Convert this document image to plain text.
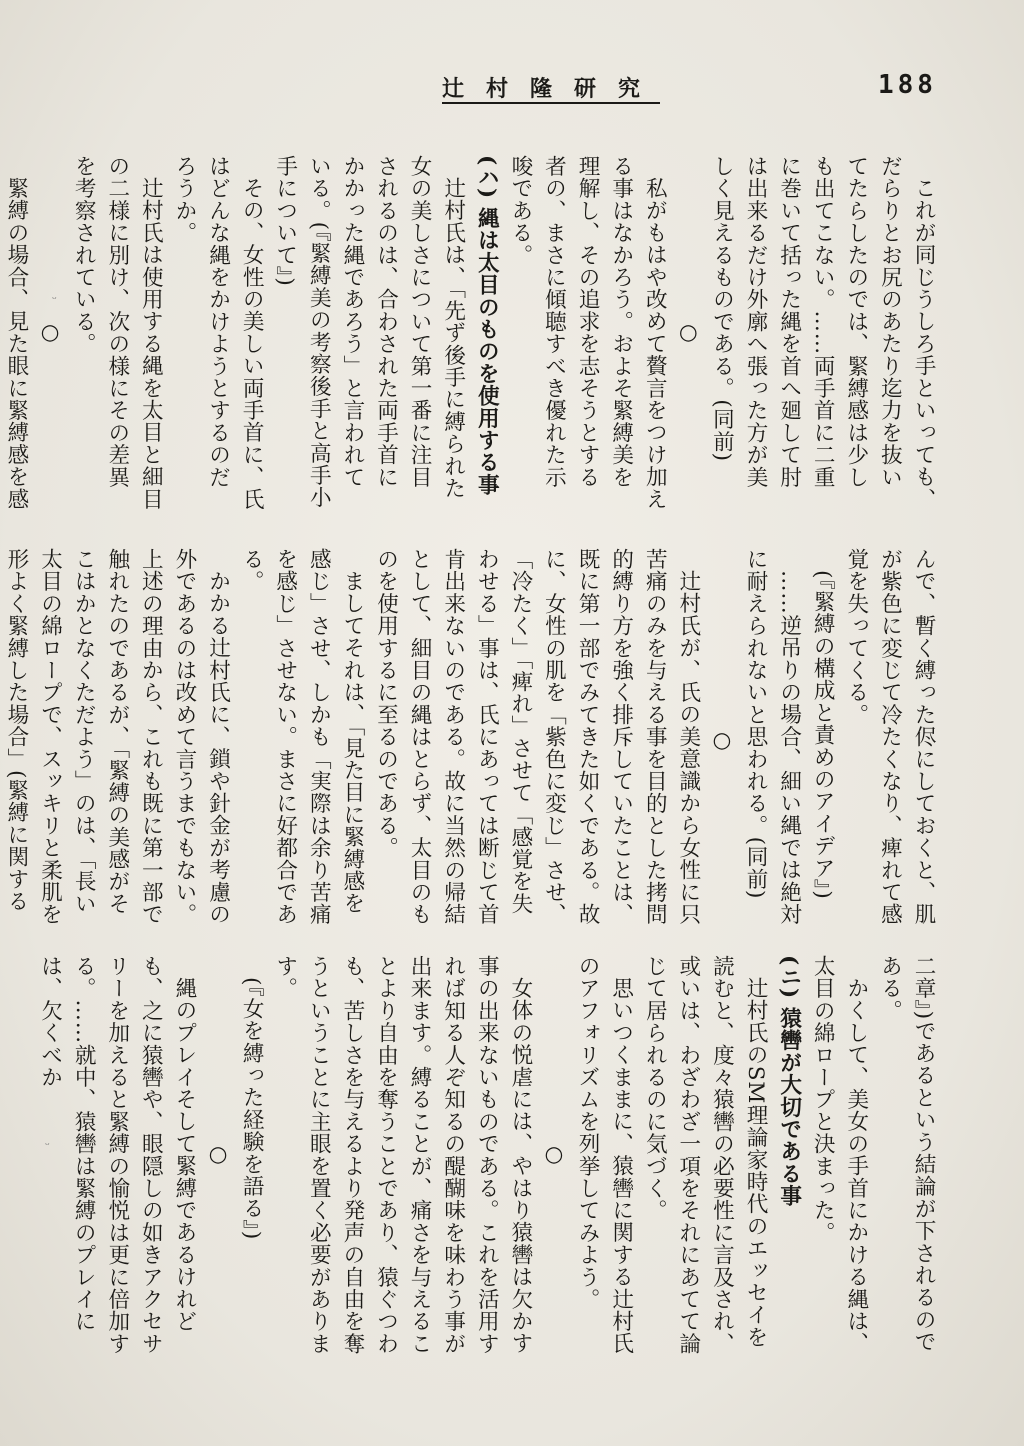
辻村隆研究	188

これが同じうしろ手といっても、だらりとお尻のあたり迄力を抜いてたらしたのでは、緊縛感は少しも出てこない。……両手首に二重に巻いて括った縄を首へ廻して肘は出来るだけ外廓へ張った方が美しく見えるものである。(同前)

○

私がもはや改めて贅言をつけ加える事はなかろう。およそ緊縛美を理解し、その追求を志そうとする者の、まさに傾聴すべき優れた示唆である。

(ハ) 縄は太目のものを使用する事

辻村氏は、「先ず後手に縛られた女の美しさについて第一番に注目されるのは、合わされた両手首にかかった縄であろう」と言われている。(『緊縛美の考察後手と高手小手について』)

その、女性の美しい両手首に、氏はどんな縄をかけようとするのだろうか。

辻村氏は使用する縄を太目と細目の二様に別け、次の様にその差異を考察されている。

○

緊縛の場合、見た眼に緊縛感を感

んで、暫く縛った侭にしておくと、肌が紫色に変じて冷たくなり、痺れて感覚を失ってくる。

(『緊縛の構成と責めのアイデア』)

……逆吊りの場合、細い縄では絶対に耐えられないと思われる。(同前)

○

辻村氏が、氏の美意識から女性に只苦痛のみを与える事を目的とした拷問的縛り方を強く排斥していたことは、既に第一部でみてきた如くである。故に、女性の肌を「紫色に変じ」させ、「冷たく」「痺れ」させて「感覚を失わせる」事は、氏にあっては断じて首肯出来ないのである。故に当然の帰結として、細目の縄はとらず、太目のものを使用するに至るのである。

ましてそれは、「見た目に緊縛感を感じ」させ、しかも「実際は余り苦痛を感じ」させない。まさに好都合である。

かかる辻村氏に、鎖や針金が考慮の外であるのは改めて言うまでもない。上述の理由から、これも既に第一部で触れたのであるが、「緊縛の美感がそこはかとなくただよう」のは、「長い太目の綿ロープで、スッキリと柔肌を形よく緊縛した場合」(緊縛に関する

二章』)であるという結論が下されるのである。

かくして、美女の手首にかける縄は、太目の綿ロープと決まった。

(ニ) 猿轡が大切である事

辻村氏のSM理論家時代のエッセイを読むと、度々猿轡の必要性に言及され、或いは、わざわざ一項をそれにあてて論じて居られるのに気づく。

思いつくままに、猿轡に関する辻村氏のアフォリズムを列挙してみよう。

○

女体の悦虐には、やはり猿轡は欠かす事の出来ないものである。これを活用すれば知る人ぞ知るの醍醐味を味わう事が出来ます。縛ることが、痛さを与えることより自由を奪うことであり、猿ぐつわも、苦しさを与えるより発声の自由を奪うということに主眼を置く必要があります。

(『女を縛った経験を語る』)

○

縄のプレイそして緊縛であるけれども、之に猿轡や、眼隠しの如きアクセサリーを加えると緊縛の愉悦は更に倍加する。……就中、猿轡は緊縛のプレイには、欠くべか

ᵕ
ᵕ
